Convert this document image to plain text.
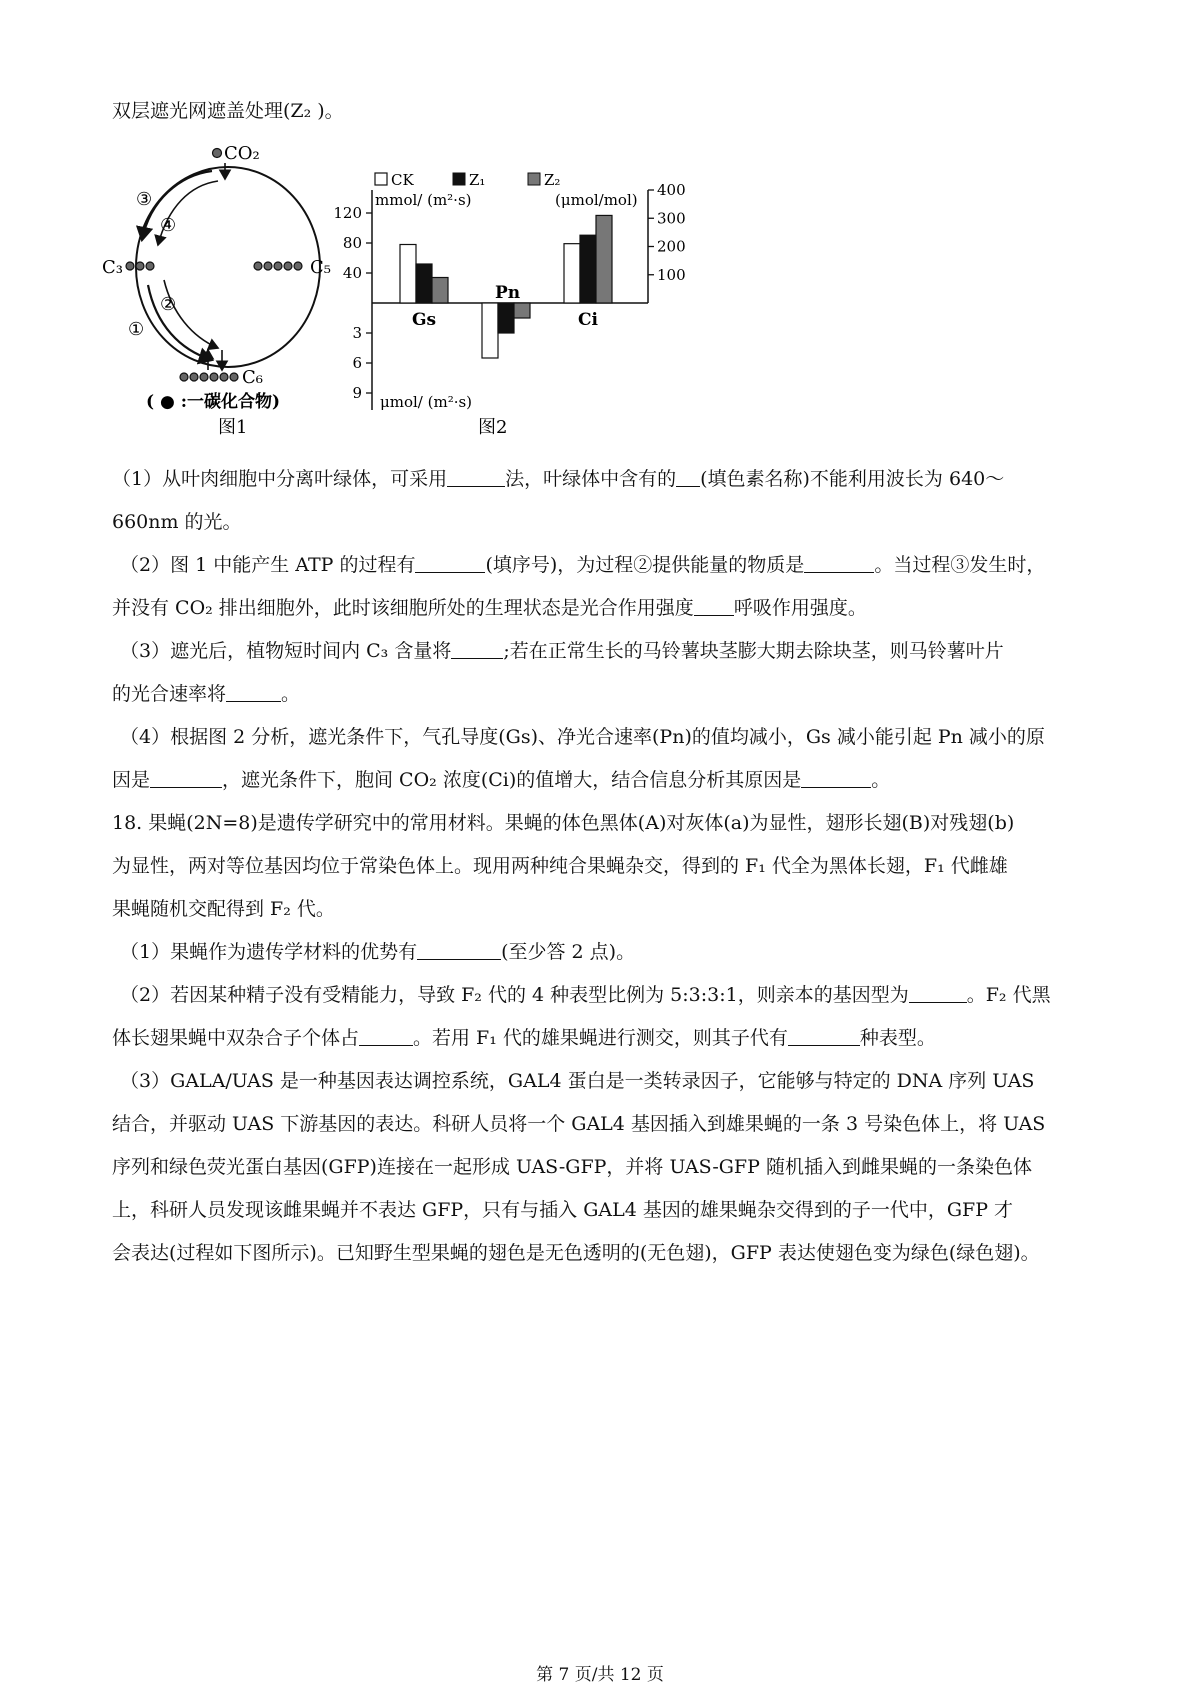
双层遮光网遮盖处理(Z₂ )。
CO₂
③
④
C₃	C₅
①
②
C₆
( ● :一碳化合物)
图1
CK	Z₁	Z₂
mmol/ (m²·s)	(μmol/mol)
120
80
40
3
6
9
400
300
200
100
Gs
Pn
Ci
μmol/ (m²·s)
图2
（1）从叶肉细胞中分离叶绿体，可采用	法，叶绿体中含有的 (填色素名称)不能利用波长为 640～
660nm 的光。
（2）图 1 中能产生 ATP 的过程有	(填序号)，为过程②提供能量的物质是	。当过程③发生时，
并没有 CO₂ 排出细胞外，此时该细胞所处的生理状态是光合作用强度 呼吸作用强度。
（3）遮光后，植物短时间内 C₃ 含量将	;若在正常生长的马铃薯块茎膨大期去除块茎，则马铃薯叶片
的光合速率将	。
（4）根据图 2 分析，遮光条件下，气孔导度(Gs)、净光合速率(Pn)的值均减小，Gs 减小能引起 Pn 减小的原
因是	，遮光条件下，胞间 CO₂ 浓度(Ci)的值增大，结合信息分析其原因是	。
18. 果蝇(2N=8)是遗传学研究中的常用材料。果蝇的体色黑体(A)对灰体(a)为显性，翅形长翅(B)对残翅(b)
为显性，两对等位基因均位于常染色体上。现用两种纯合果蝇杂交，得到的 F₁ 代全为黑体长翅，F₁ 代雌雄
果蝇随机交配得到 F₂ 代。
（1）果蝇作为遗传学材料的优势有	(至少答 2 点)。
（2）若因某种精子没有受精能力，导致 F₂ 代的 4 种表型比例为 5:3:3:1，则亲本的基因型为	。F₂ 代黑
体长翅果蝇中双杂合子个体占	。若用 F₁ 代的雄果蝇进行测交，则其子代有	种表型。
（3）GALA/UAS 是一种基因表达调控系统，GAL4 蛋白是一类转录因子，它能够与特定的 DNA 序列 UAS
结合，并驱动 UAS 下游基因的表达。科研人员将一个 GAL4 基因插入到雄果蝇的一条 3 号染色体上，将 UAS
序列和绿色荧光蛋白基因(GFP)连接在一起形成 UAS-GFP，并将 UAS-GFP 随机插入到雌果蝇的一条染色体
上，科研人员发现该雌果蝇并不表达 GFP，只有与插入 GAL4 基因的雄果蝇杂交得到的子一代中，GFP 才
会表达(过程如下图所示)。已知野生型果蝇的翅色是无色透明的(无色翅)，GFP 表达使翅色变为绿色(绿色翅)。
第 7 页/共 12 页
